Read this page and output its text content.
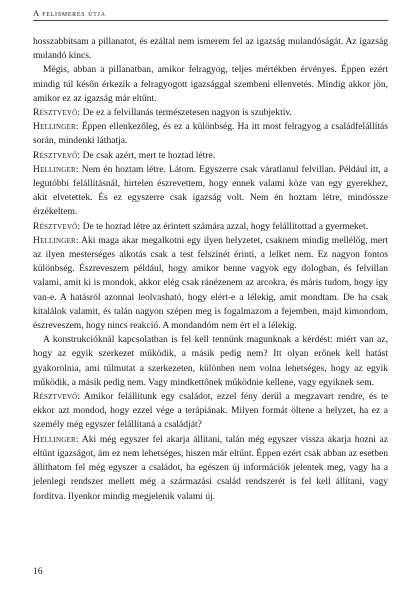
A felismerés útja

hosszabbítsam a pillanatot, és ezáltal nem ismerem fel az igazság mulandóságát. Az igazság mulandó kincs.

Mégis, abban a pillanatban, amikor felragyog, teljes mértékben érvényes. Éppen ezért mindig túl későn érkezik a felragyogott igazsággal szembeni ellenvetés. Mindig akkor jön, amikor ez az igazság már eltűnt.

Résztvevő: De ez a felvillanás természetesen nagyon is szubjektív.

Hellinger: Éppen ellenkezőleg, és ez a különbség. Ha itt most felragyog a családfelállítás során, mindenki láthatja.

Résztvevő: De csak azért, mert te hoztad létre.

Hellinger: Nem én hoztam létre. Látom. Egyszerre csak váratlanul felvillan. Például itt, a legutóbbi felállításnál, hirtelen észrevettem, hogy ennek valami köze van egy gyerekhez, akit elvetettek. És ez egyszerre csak igazság volt. Nem én hoztam létre, mindössze érzékeltem.

Résztvevő: De te hoztad létre az érintett számára azzal, hogy felállítottad a gyermeket.

Hellinger: Aki maga akar megalkotni egy ilyen helyzetet, csaknem mindig mellélőg, mert az ilyen mesterséges alkotás csak a test felszínét érinti, a lelket nem. Ez nagyon fontos különbség. Észreveszem például, hogy amikor benne vagyok egy dologban, és felvillan valami, amit ki is mondok, akkor elég csak ránézenem az arcokra, és máris tudom, hogy így van-e. A hatásról azonnal leolvasható, hogy elért-e a lélekig, amit mondtam. De ha csak kitalálok valamit, és talán nagyon szépen meg is fogalmazom a fejemben, majd kimondom, észreveszem, hogy nincs reakció. A mondandóm nem ért el a lélekig.

A konstrukcióknál kapcsolatban is fel kell tennünk magunknak a kérdést: miért van az, hogy az egyik szerkezet működik, a másik pedig nem? Itt olyan erőnek kell hatást gyakorolnia, ami túlmutat a szerkezeten, különben nem volna lehetséges, hogy az egyik működik, a másik pedig nem. Vagy mindkettőnek működnie kellene, vagy egyiknek sem.

Résztvevő: Amikor felállítunk egy családot, ezzel fény derül a megzavart rendre, és te ekkor azt mondod, hogy ezzel vége a terápiának. Milyen formát öltene a helyzet, ha ez a személy még egyszer felállítaná a családját?

Hellinger: Aki még egyszer fel akarja állítani, talán még egyszer vissza akarja hozni az eltűnt igazságot, ám ez nem lehetséges, hiszen már eltűnt. Éppen ezért csak abban az esetben állíthatom fel még egyszer a családot, ha egészen új információk jelentek meg, vagy ha a jelenlegi rendszer mellett még a származási család rendszerét is fel kell állítani, vagy fordítva. Ilyenkor mindig megjelenik valami új.

16
